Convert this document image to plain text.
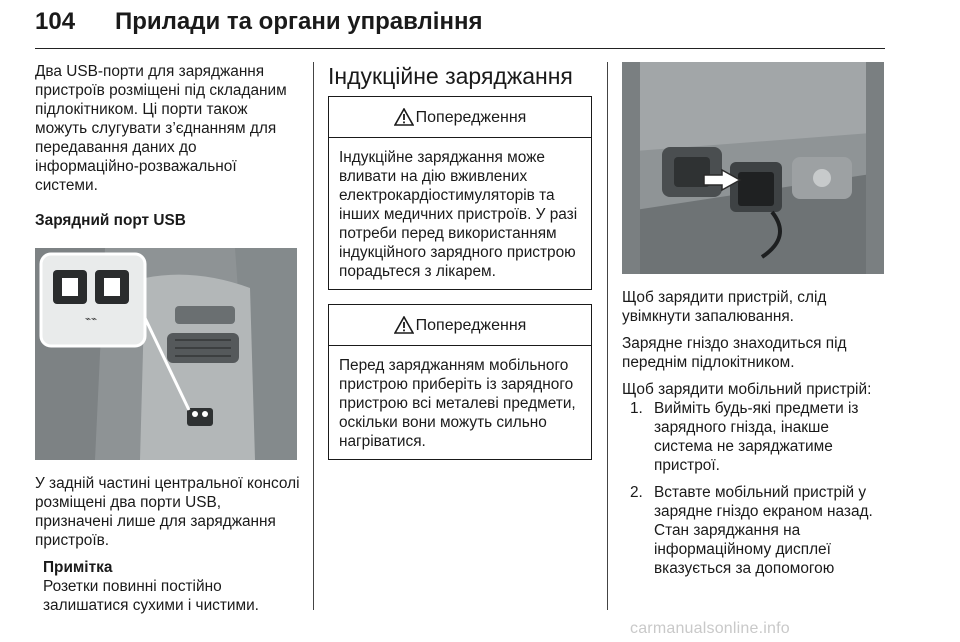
104 Прилади та органи управління

Два USB-порти для заряджання пристроїв розміщені під складаним підлокітником. Ці порти також можуть слугувати з’єднанням для передавання даних до інформаційно-розважальної системи.

Зарядний порт USB

⌁⌁

У задній частині центральної консолі розміщені два порти USB, призначені лише для заряджання пристроїв.

Примітка

Розетки повинні постійно залишатися сухими і чистими.

Індукційне заряджання
Попередження
Індукційне заряджання може вливати на дію вживлених електрокардіостимуляторів та інших медичних пристроїв. У разі потреби перед використанням індукційного зарядного пристрою порадьтеся з лікарем.
Попередження
Перед заряджанням мобільного пристрою приберіть із зарядного пристрою всі металеві предмети, оскільки вони можуть сильно нагріватися.

Щоб зарядити пристрій, слід увімкнути запалювання.

Зарядне гніздо знаходиться під переднім підлокітником.

Щоб зарядити мобільний пристрій:

1. Вийміть будь-які предмети із зарядного гнізда, інакше система не заряджатиме пристрої.
2. Вставте мобільний пристрій у зарядне гніздо екраном назад. Стан заряджання на інформаційному дисплеї вказується за допомогою
carmanualsonline.info
